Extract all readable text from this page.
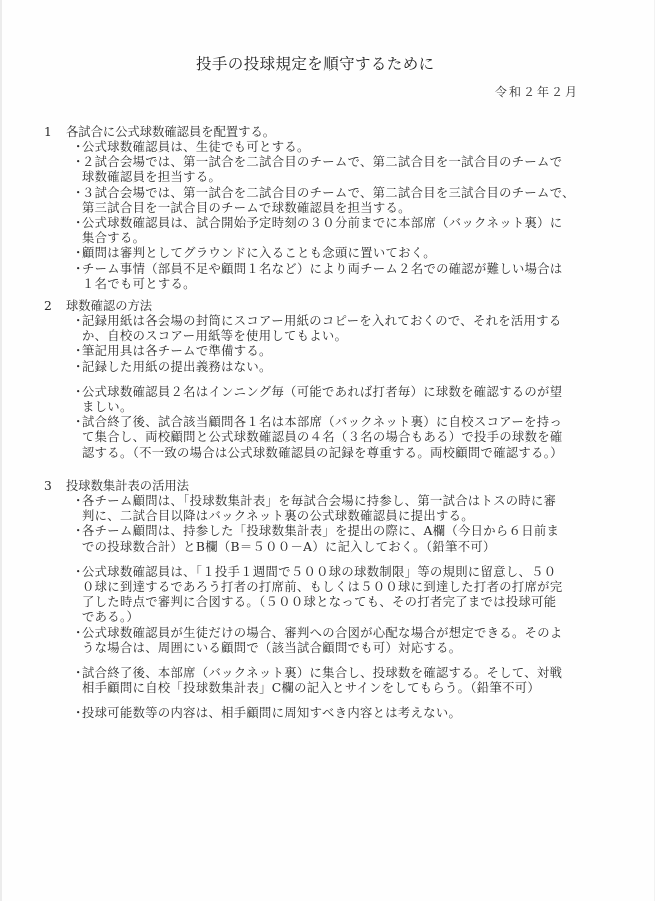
投手の投球規定を順守するために
令和２年２月
1	各試合に公式球数確認員を配置する。
・
公式球数確認員は、生徒でも可とする。
・
２試合会場では、第一試合を二試合目のチームで、第二試合目を一試合目のチームで
球数確認員を担当する。
・
３試合会場では、第一試合を二試合目のチームで、第二試合目を三試合目のチームで、
第三試合目を一試合目のチームで球数確認員を担当する。
・
公式球数確認員は、試合開始予定時刻の３０分前までに本部席（バックネット裏）に
集合する。
・
顧問は審判としてグラウンドに入ることも念頭に置いておく。
・
チーム事情（部員不足や顧問１名など）により両チーム２名での確認が難しい場合は
１名でも可とする。
2	球数確認の方法
・
記録用紙は各会場の封筒にスコアー用紙のコピーを入れておくので、それを活用する
か、自校のスコアー用紙等を使用してもよい。
・
筆記用具は各チームで準備する。
・
記録した用紙の提出義務はない。
・
公式球数確認員２名はインニング毎（可能であれば打者毎）に球数を確認するのが望
ましい。
・
試合終了後、試合該当顧問各１名は本部席（バックネット裏）に自校スコアーを持っ
て集合し、両校顧問と公式球数確認員の４名（３名の場合もある）で投手の球数を確
認する。（不一致の場合は公式球数確認員の記録を尊重する。両校顧問で確認する。）
3	投球数集計表の活用法
・
各チーム顧問は、「投球数集計表」を毎試合会場に持参し、第一試合はトスの時に審
判に、二試合目以降はバックネット裏の公式球数確認員に提出する。
・
各チーム顧問は、持参した「投球数集計表」を提出の際に、A欄（今日から６日前ま
での投球数合計）とB欄（B＝５００－A）に記入しておく。（鉛筆不可）
・
公式球数確認員は、「１投手１週間で５００球の球数制限」等の規則に留意し、５０
０球に到達するであろう打者の打席前、もしくは５００球に到達した打者の打席が完
了した時点で審判に合図する。（５００球となっても、その打者完了までは投球可能
である。）
・
公式球数確認員が生徒だけの場合、審判への合図が心配な場合が想定できる。そのよ
うな場合は、周囲にいる顧問で（該当試合顧問でも可）対応する。
・
試合終了後、本部席（バックネット裏）に集合し、投球数を確認する。そして、対戦
相手顧問に自校「投球数集計表」C欄の記入とサインをしてもらう。（鉛筆不可）
・
投球可能数等の内容は、相手顧問に周知すべき内容とは考えない。
